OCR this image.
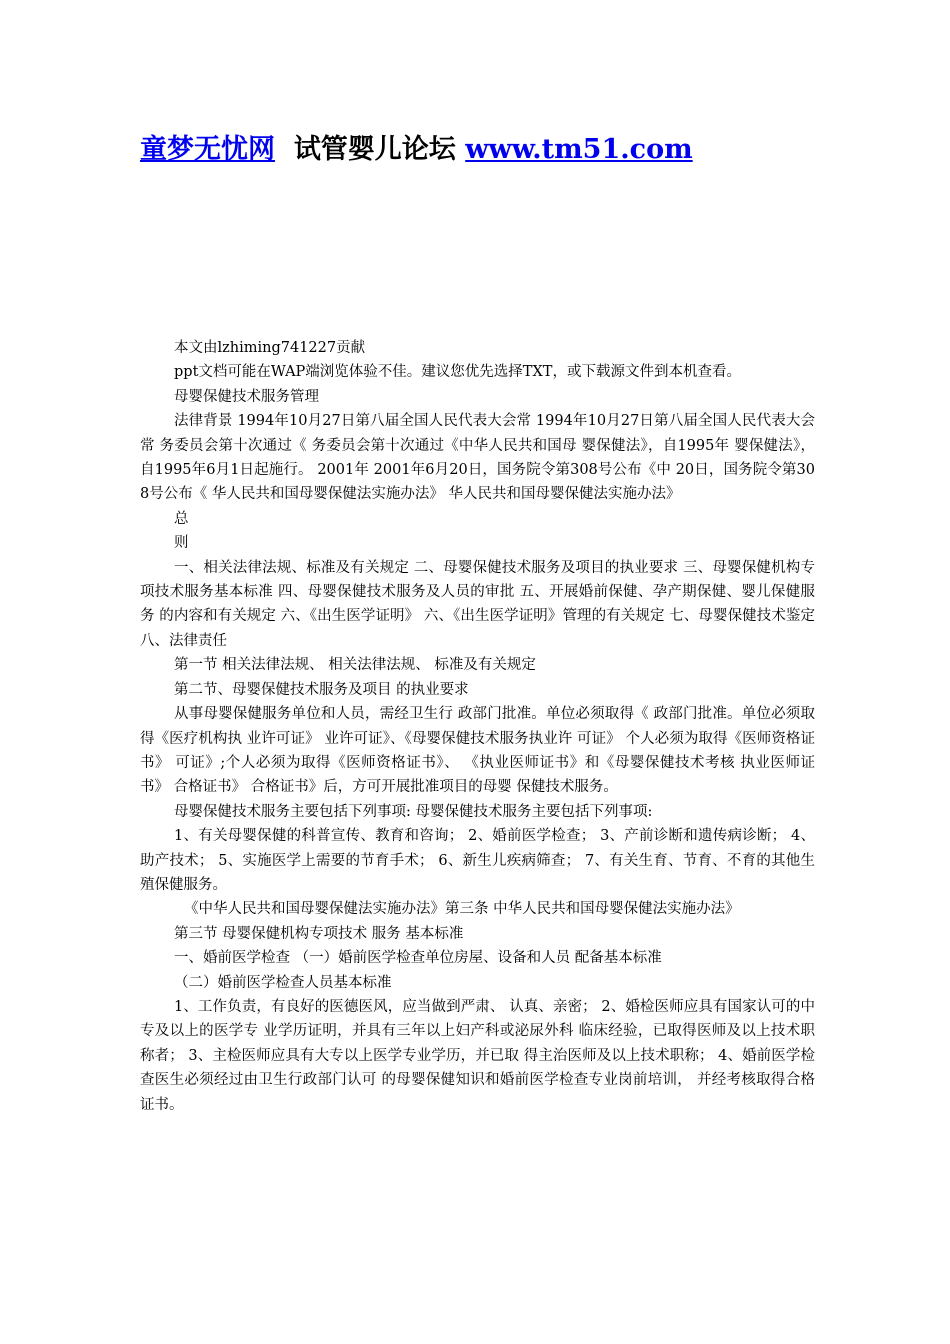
童梦无忧网 试管婴儿论坛 www.tm51.com

本文由lzhiming741227贡献

ppt文档可能在WAP端浏览体验不佳。建议您优先选择TXT，或下载源文件到本机查看。

母婴保健技术服务管理

法律背景 1994年10月27日第八届全国人民代表大会常 1994年10月27日第八届全国人民代表大会常 务委员会第十次通过《 务委员会第十次通过《中华人民共和国母 婴保健法》，自1995年 婴保健法》，自1995年6月1日起施行。 2001年 2001年6月20日，国务院令第308号公布《中 20日，国务院令第308号公布《 华人民共和国母婴保健法实施办法》 华人民共和国母婴保健法实施办法》

总

则

一、相关法律法规、标准及有关规定 二、母婴保健技术服务及项目的执业要求 三、母婴保健机构专项技术服务基本标准 四、母婴保健技术服务及人员的审批 五、开展婚前保健、孕产期保健、婴儿保健服务 的内容和有关规定 六、《出生医学证明》 六、《出生医学证明》管理的有关规定 七、母婴保健技术鉴定 八、法律责任

第一节 相关法律法规、 相关法律法规、 标准及有关规定

第二节、母婴保健技术服务及项目 的执业要求

从事母婴保健服务单位和人员，需经卫生行 政部门批准。单位必须取得《 政部门批准。单位必须取得《医疗机构执 业许可证》 业许可证》、《母婴保健技术服务执业许 可证》 个人必须为取得《医师资格证书》 可证》;个人必须为取得《医师资格证书》、 《执业医师证书》和《母婴保健技术考核 执业医师证书》 合格证书》 合格证书》后，方可开展批准项目的母婴 保健技术服务。

母婴保健技术服务主要包括下列事项: 母婴保健技术服务主要包括下列事项:

1、有关母婴保健的科普宣传、教育和咨询； 2、婚前医学检查； 3、产前诊断和遗传病诊断； 4、助产技术； 5、实施医学上需要的节育手术； 6、新生儿疾病筛查； 7、有关生育、节育、不育的其他生殖保健服务。

《中华人民共和国母婴保健法实施办法》第三条 中华人民共和国母婴保健法实施办法》

第三节 母婴保健机构专项技术 服务 基本标准

一、婚前医学检查 （一）婚前医学检查单位房屋、设备和人员 配备基本标准

（二）婚前医学检查人员基本标准

1、工作负责，有良好的医德医风，应当做到严肃、 认真、亲密； 2、婚检医师应具有国家认可的中专及以上的医学专 业学历证明，并具有三年以上妇产科或泌尿外科 临床经验，已取得医师及以上技术职称者； 3、主检医师应具有大专以上医学专业学历，并已取 得主治医师及以上技术职称； 4、婚前医学检查医生必须经过由卫生行政部门认可 的母婴保健知识和婚前医学检查专业岗前培训， 并经考核取得合格证书。
